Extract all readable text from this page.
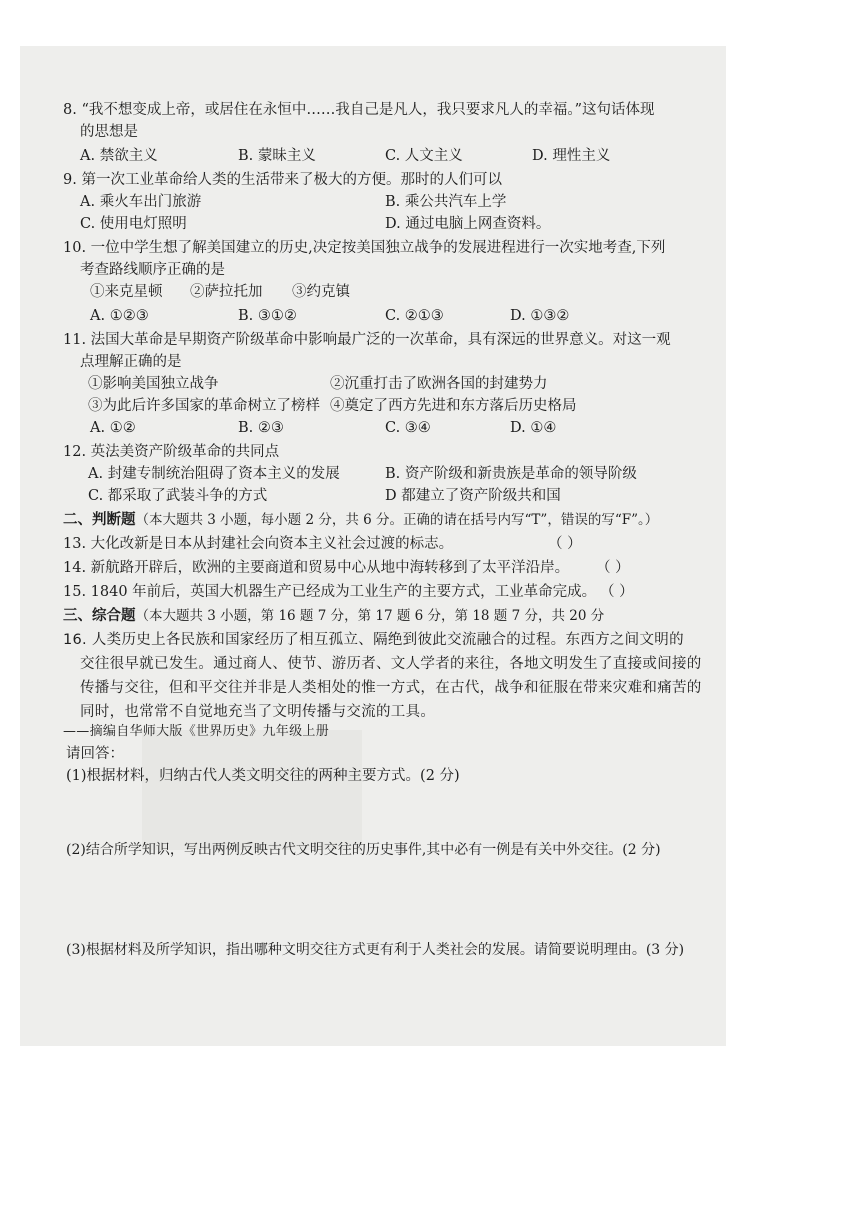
8. “我不想变成上帝，或居住在永恒中……我自己是凡人，我只要求凡人的幸福。”这句话体现
的思想是
A. 禁欲主义	B. 蒙昧主义	C. 人文主义	D. 理性主义
9. 第一次工业革命给人类的生活带来了极大的方便。那时的人们可以
A. 乘火车出门旅游	B. 乘公共汽车上学
C. 使用电灯照明	D. 通过电脑上网查资料。
10. 一位中学生想了解美国建立的历史,决定按美国独立战争的发展进程进行一次实地考查,下列
考查路线顺序正确的是
①来克星顿 ②萨拉托加 ③约克镇
A. ①②③	B. ③①②	C. ②①③	D. ①③②
11. 法国大革命是早期资产阶级革命中影响最广泛的一次革命，具有深远的世界意义。对这一观
点理解正确的是
①影响美国独立战争	②沉重打击了欧洲各国的封建势力
③为此后许多国家的革命树立了榜样 ④奠定了西方先进和东方落后历史格局
A. ①②	B. ②③	C. ③④	D. ①④
12. 英法美资产阶级革命的共同点
A. 封建专制统治阻碍了资本主义的发展	B. 资产阶级和新贵族是革命的领导阶级
C. 都采取了武装斗争的方式	D 都建立了资产阶级共和国
二、判断题（本大题共 3 小题，每小题 2 分，共 6 分。正确的请在括号内写“T”，错误的写“F”。）
13. 大化改新是日本从封建社会向资本主义社会过渡的标志。	（ ）
14. 新航路开辟后，欧洲的主要商道和贸易中心从地中海转移到了太平洋沿岸。 （ ）
15. 1840 年前后，英国大机器生产已经成为工业生产的主要方式，工业革命完成。 （ ）
三、综合题（本大题共 3 小题，第 16 题 7 分，第 17 题 6 分，第 18 题 7 分，共 20 分
16. 人类历史上各民族和国家经历了相互孤立、隔绝到彼此交流融合的过程。东西方之间文明的
交往很早就已发生。通过商人、使节、游历者、文人学者的来往，各地文明发生了直接或间接的
传播与交往，但和平交往并非是人类相处的惟一方式，在古代，战争和征服在带来灾难和痛苦的
同时，也常常不自觉地充当了文明传播与交流的工具。
——摘编自华师大版《世界历史》九年级上册
请回答：
(1)根据材料，归纳古代人类文明交往的两种主要方式。(2 分)
(2)结合所学知识，写出两例反映古代文明交往的历史事件,其中必有一例是有关中外交往。(2 分)
(3)根据材料及所学知识，指出哪种文明交往方式更有利于人类社会的发展。请简要说明理由。(3 分)
